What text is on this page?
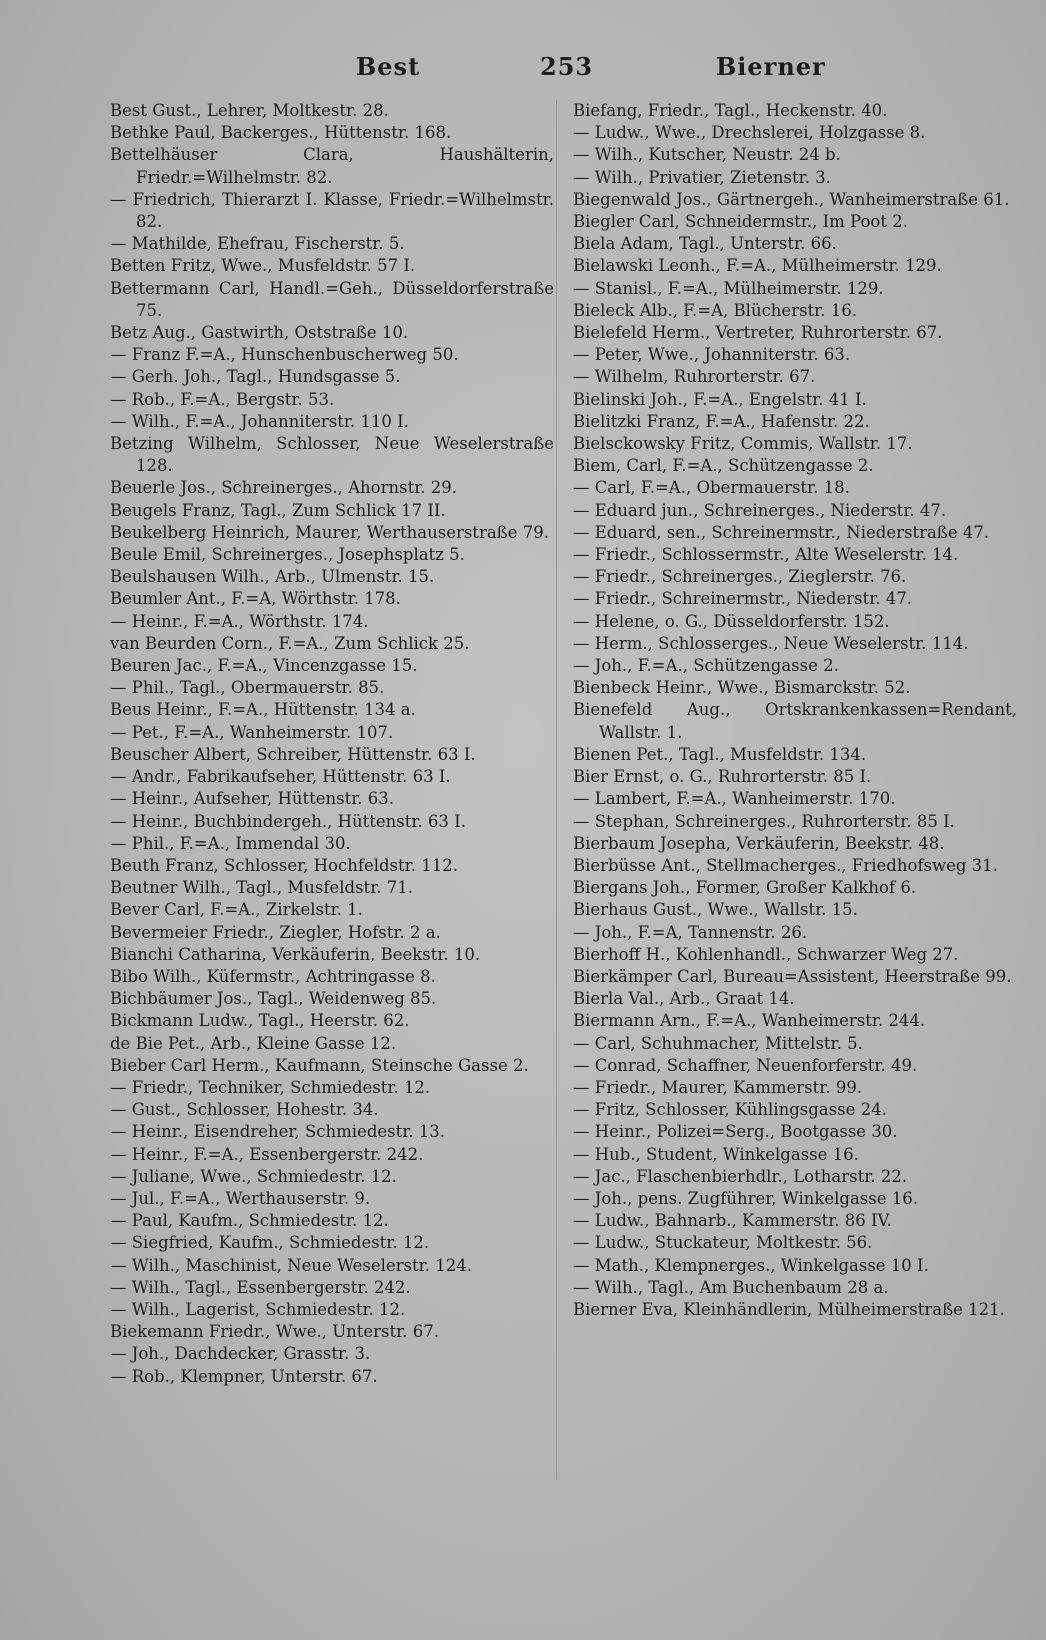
Best	253	Bierner

Best Gust., Lehrer, Moltkestr. 28.

Bethke Paul, Backerges., Hüttenstr. 168.

Bettelhäuser Clara, Haushälterin, Friedr.=Wilhelmstr. 82.

— Friedrich, Thierarzt I. Klasse, Friedr.=Wilhelmstr. 82.

— Mathilde, Ehefrau, Fischerstr. 5.

Betten Fritz, Wwe., Musfeldstr. 57 I.

Bettermann Carl, Handl.=Geh., Düsseldorferstraße 75.

Betz Aug., Gastwirth, Oststraße 10.

— Franz F.=A., Hunschenbuscherweg 50.

— Gerh. Joh., Tagl., Hundsgasse 5.

— Rob., F.=A., Bergstr. 53.

— Wilh., F.=A., Johanniterstr. 110 I.

Betzing Wilhelm, Schlosser, Neue Weselerstraße 128.

Beuerle Jos., Schreinerges., Ahornstr. 29.

Beugels Franz, Tagl., Zum Schlick 17 II.

Beukelberg Heinrich, Maurer, Werthauserstraße 79.

Beule Emil, Schreinerges., Josephsplatz 5.

Beulshausen Wilh., Arb., Ulmenstr. 15.

Beumler Ant., F.=A, Wörthstr. 178.

— Heinr., F.=A., Wörthstr. 174.

van Beurden Corn., F.=A., Zum Schlick 25.

Beuren Jac., F.=A., Vincenzgasse 15.

— Phil., Tagl., Obermauerstr. 85.

Beus Heinr., F.=A., Hüttenstr. 134 a.

— Pet., F.=A., Wanheimerstr. 107.

Beuscher Albert, Schreiber, Hüttenstr. 63 I.

— Andr., Fabrikaufseher, Hüttenstr. 63 I.

— Heinr., Aufseher, Hüttenstr. 63.

— Heinr., Buchbindergeh., Hüttenstr. 63 I.

— Phil., F.=A., Immendal 30.

Beuth Franz, Schlosser, Hochfeldstr. 112.

Beutner Wilh., Tagl., Musfeldstr. 71.

Bever Carl, F.=A., Zirkelstr. 1.

Bevermeier Friedr., Ziegler, Hofstr. 2 a.

Bianchi Catharina, Verkäuferin, Beekstr. 10.

Bibo Wilh., Küfermstr., Achtringasse 8.

Bichbäumer Jos., Tagl., Weidenweg 85.

Bickmann Ludw., Tagl., Heerstr. 62.

de Bie Pet., Arb., Kleine Gasse 12.

Bieber Carl Herm., Kaufmann, Steinsche Gasse 2.

— Friedr., Techniker, Schmiedestr. 12.

— Gust., Schlosser, Hohestr. 34.

— Heinr., Eisendreher, Schmiedestr. 13.

— Heinr., F.=A., Essenbergerstr. 242.

— Juliane, Wwe., Schmiedestr. 12.

— Jul., F.=A., Werthauserstr. 9.

— Paul, Kaufm., Schmiedestr. 12.

— Siegfried, Kaufm., Schmiedestr. 12.

— Wilh., Maschinist, Neue Weselerstr. 124.

— Wilh., Tagl., Essenbergerstr. 242.

— Wilh., Lagerist, Schmiedestr. 12.

Biekemann Friedr., Wwe., Unterstr. 67.

— Joh., Dachdecker, Grasstr. 3.

— Rob., Klempner, Unterstr. 67.

Biefang, Friedr., Tagl., Heckenstr. 40.

— Ludw., Wwe., Drechslerei, Holzgasse 8.

— Wilh., Kutscher, Neustr. 24 b.

— Wilh., Privatier, Zietenstr. 3.

Biegenwald Jos., Gärtnergeh., Wanheimerstraße 61.

Biegler Carl, Schneidermstr., Im Poot 2.

Biela Adam, Tagl., Unterstr. 66.

Bielawski Leonh., F.=A., Mülheimerstr. 129.

— Stanisl., F.=A., Mülheimerstr. 129.

Bieleck Alb., F.=A, Blücherstr. 16.

Bielefeld Herm., Vertreter, Ruhrorterstr. 67.

— Peter, Wwe., Johanniterstr. 63.

— Wilhelm, Ruhrorterstr. 67.

Bielinski Joh., F.=A., Engelstr. 41 I.

Bielitzki Franz, F.=A., Hafenstr. 22.

Bielsckowsky Fritz, Commis, Wallstr. 17.

Biem, Carl, F.=A., Schützengasse 2.

— Carl, F.=A., Obermauerstr. 18.

— Eduard jun., Schreinerges., Niederstr. 47.

— Eduard, sen., Schreinermstr., Niederstraße 47.

— Friedr., Schlossermstr., Alte Weselerstr. 14.

— Friedr., Schreinerges., Zieglerstr. 76.

— Friedr., Schreinermstr., Niederstr. 47.

— Helene, o. G., Düsseldorferstr. 152.

— Herm., Schlosserges., Neue Weselerstr. 114.

— Joh., F.=A., Schützengasse 2.

Bienbeck Heinr., Wwe., Bismarckstr. 52.

Bienefeld Aug., Ortskrankenkassen=Rendant, Wallstr. 1.

Bienen Pet., Tagl., Musfeldstr. 134.

Bier Ernst, o. G., Ruhrorterstr. 85 I.

— Lambert, F.=A., Wanheimerstr. 170.

— Stephan, Schreinerges., Ruhrorterstr. 85 I.

Bierbaum Josepha, Verkäuferin, Beekstr. 48.

Bierbüsse Ant., Stellmacherges., Friedhofsweg 31.

Biergans Joh., Former, Großer Kalkhof 6.

Bierhaus Gust., Wwe., Wallstr. 15.

— Joh., F.=A, Tannenstr. 26.

Bierhoff H., Kohlenhandl., Schwarzer Weg 27.

Bierkämper Carl, Bureau=Assistent, Heerstraße 99.

Bierla Val., Arb., Graat 14.

Biermann Arn., F.=A., Wanheimerstr. 244.

— Carl, Schuhmacher, Mittelstr. 5.

— Conrad, Schaffner, Neuenforferstr. 49.

— Friedr., Maurer, Kammerstr. 99.

— Fritz, Schlosser, Kühlingsgasse 24.

— Heinr., Polizei=Serg., Bootgasse 30.

— Hub., Student, Winkelgasse 16.

— Jac., Flaschenbierhdlr., Lotharstr. 22.

— Joh., pens. Zugführer, Winkelgasse 16.

— Ludw., Bahnarb., Kammerstr. 86 IV.

— Ludw., Stuckateur, Moltkestr. 56.

— Math., Klempnerges., Winkelgasse 10 I.

— Wilh., Tagl., Am Buchenbaum 28 a.

Bierner Eva, Kleinhändlerin, Mülheimerstraße 121.
